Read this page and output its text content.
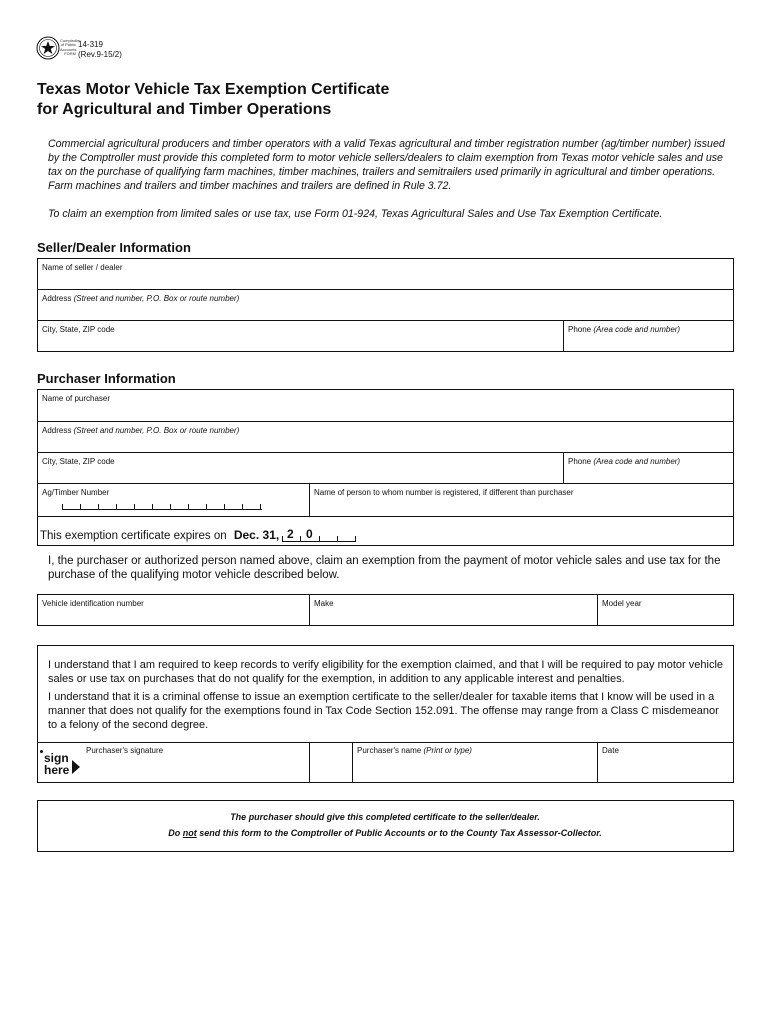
Comptroller
of Public
Accounts
FORM
14-319
(Rev.9-15/2)
Texas Motor Vehicle Tax Exemption Certificate
for Agricultural and Timber Operations
Commercial agricultural producers and timber operators with a valid Texas agricultural and timber registration number (ag/timber number) issued by the Comptroller must provide this completed form to motor vehicle sellers/dealers to claim exemption from Texas motor vehicle sales and use tax on the purchase of qualifying farm machines, timber machines, trailers and semitrailers used primarily in agricultural and timber operations. Farm machines and trailers and timber machines and trailers are defined in Rule 3.72.
To claim an exemption from limited sales or use tax, use Form 01-924, Texas Agricultural Sales and Use Tax Exemption Certificate.
Seller/Dealer Information
Name of seller / dealer
Address (Street and number, P.O. Box or route number)
City, State, ZIP code	Phone (Area code and number)
Purchaser Information
Name of purchaser
Address (Street and number, P.O. Box or route number)
City, State, ZIP code	Phone (Area code and number)
Ag/Timber Number	Name of person to whom number is registered, if different than purchaser
This exemption certificate expires on Dec. 31, 2 0
I, the purchaser or authorized person named above, claim an exemption from the payment of motor vehicle sales and use tax for the purchase of the qualifying motor vehicle described below.
Vehicle identification number	Make	Model year
I understand that I am required to keep records to verify eligibility for the exemption claimed, and that I will be required to pay motor vehicle sales or use tax on purchases that do not qualify for the exemption, in addition to any applicable interest and penalties.
I understand that it is a criminal offense to issue an exemption certificate to the seller/dealer for taxable items that I know will be used in a manner that does not qualify for the exemptions found in Tax Code Section 152.091. The offense may range from a Class C misdemeanor to a felony of the second degree.
sign
here
Purchaser's signature	Purchaser's name (Print or type)	Date
The purchaser should give this completed certificate to the seller/dealer.
Do not send this form to the Comptroller of Public Accounts or to the County Tax Assessor-Collector.
